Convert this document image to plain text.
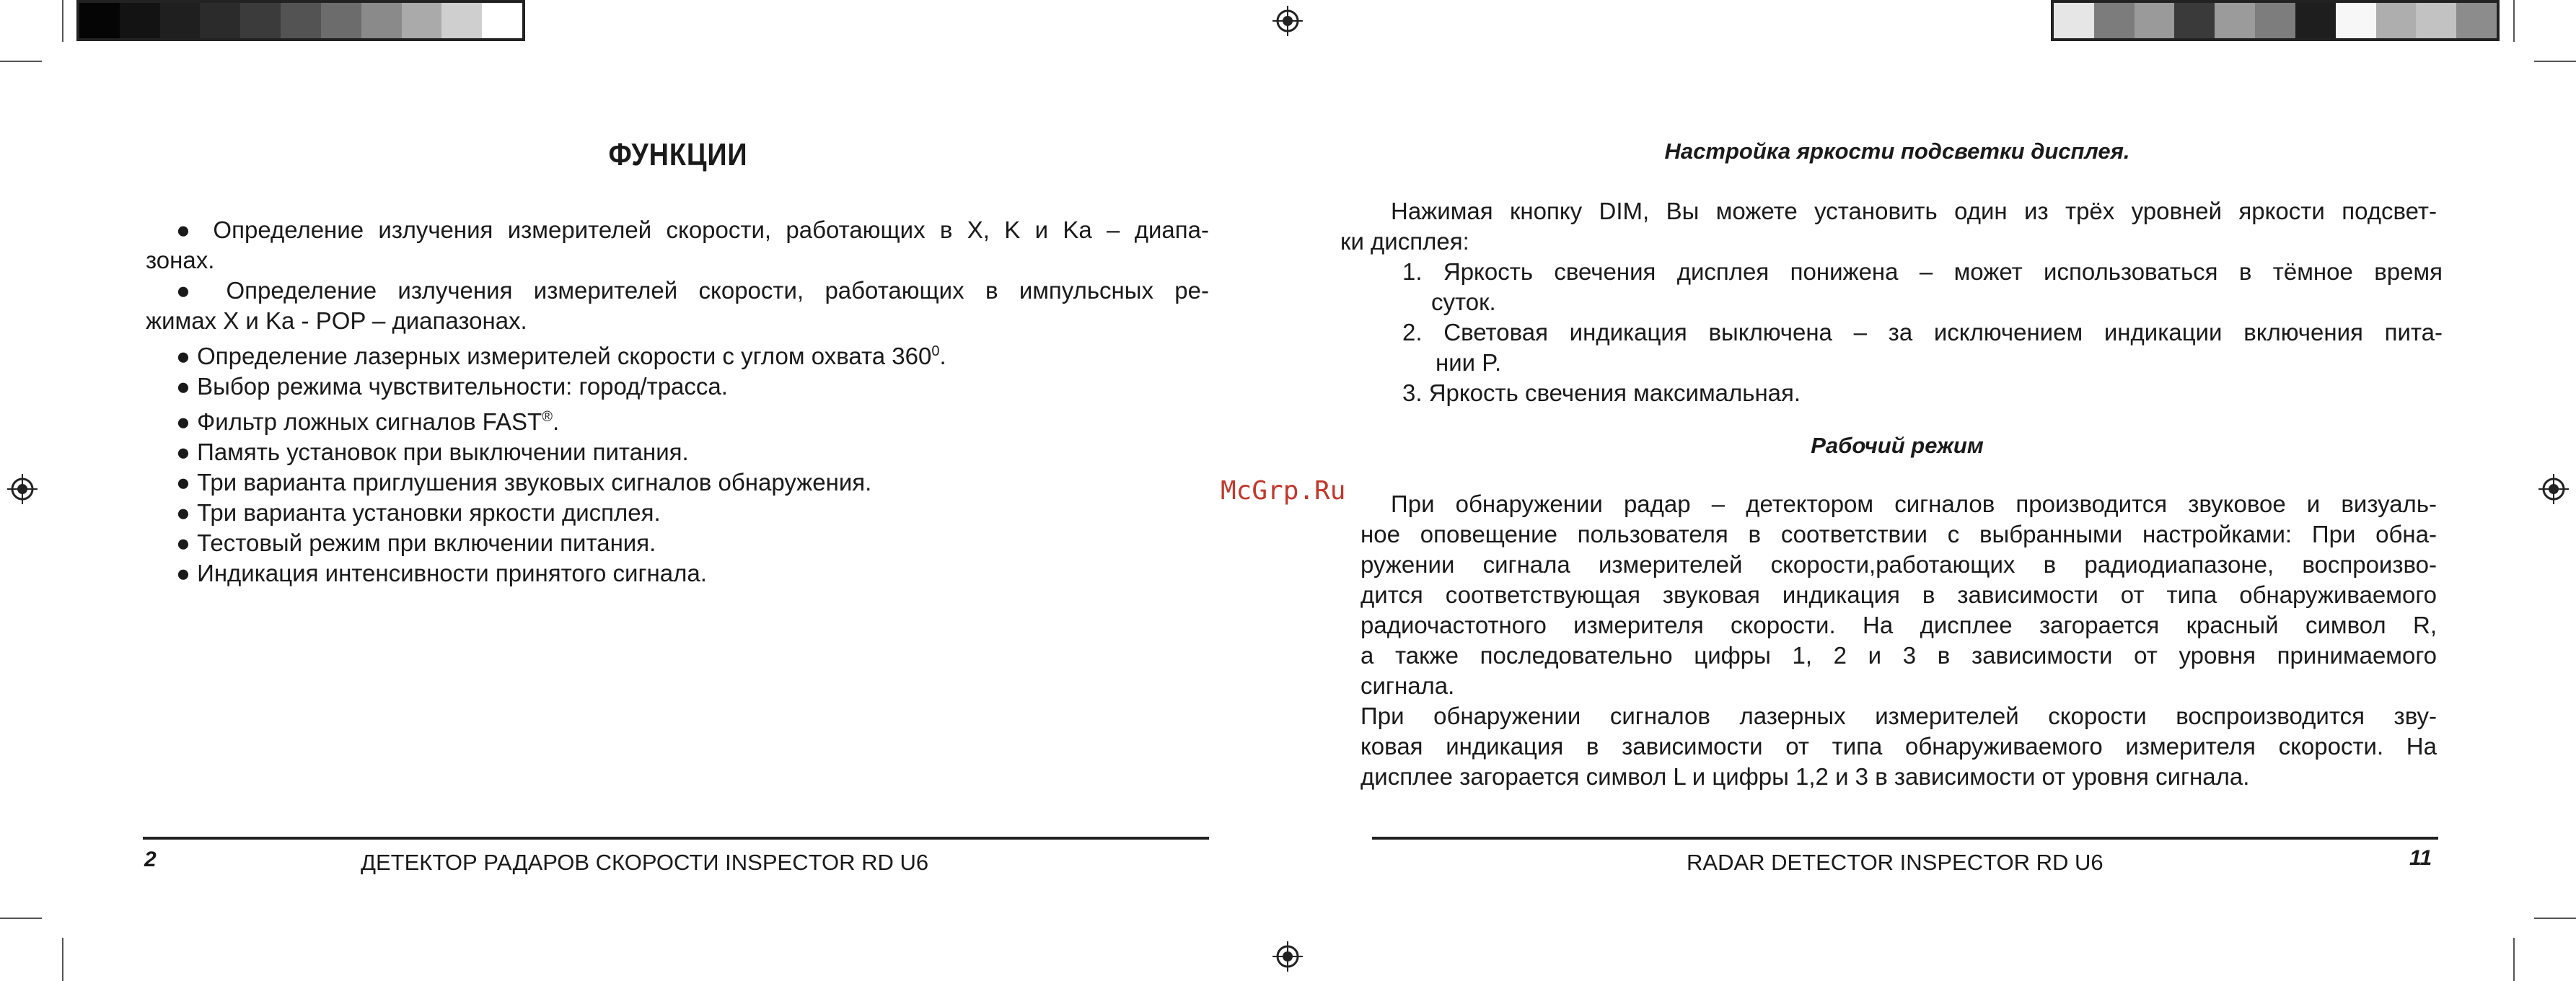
ФУНКЦИИ

● Определение излучения измерителей скорости, работающих в X, K и Ka – диапа-

зонах.

● Определение излучения измерителей скорости, работающих в импульсных ре-

жимах X и Ka - POP – диапазонах.

● Определение лазерных измерителей скорости с углом охвата $360^0$.

● Выбор режима чувствительности: город/трасса.

● Фильтр ложных сигналов FAST®.

● Память установок при выключении питания.

● Три варианта приглушения звуковых сигналов обнаружения.

● Три варианта установки яркости дисплея.

● Тестовый режим при включении питания.

● Индикация интенсивности принятого сигнала.

2	ДЕТЕКТОР РАДАРОВ СКОРОСТИ INSPECTOR RD U6
McGrp.Ru
Настройка яркости подсветки дисплея.

Нажимая кнопку DIM, Вы можете установить один из трёх уровней яркости подсвет-

ки дисплея:

1. Яркость свечения дисплея понижена – может использоваться в тёмное время

суток.

2. Световая индикация выключена – за исключением индикации включения пита-

нии P.

3. Яркость свечения максимальная.

Рабочий режим

При обнаружении радар – детектором сигналов производится звуковое и визуаль-

ное оповещение пользователя в соответствии с выбранными настройками: При обна-

ружении сигнала измерителей скорости,работающих в радиодиапазоне, воспроизво-

дится соответствующая звуковая индикация в зависимости от типа обнаруживаемого

радиочастотного измерителя скорости. На дисплее загорается красный символ R,

а также последовательно цифры 1, 2 и 3 в зависимости от уровня принимаемого

сигнала.

При обнаружении сигналов лазерных измерителей скорости воспроизводится зву-

ковая индикация в зависимости от типа обнаруживаемого измерителя скорости. На

дисплее загорается символ L и цифры 1,2 и 3 в зависимости от уровня сигнала.

RADAR DETECTOR INSPECTOR RD U6	11
